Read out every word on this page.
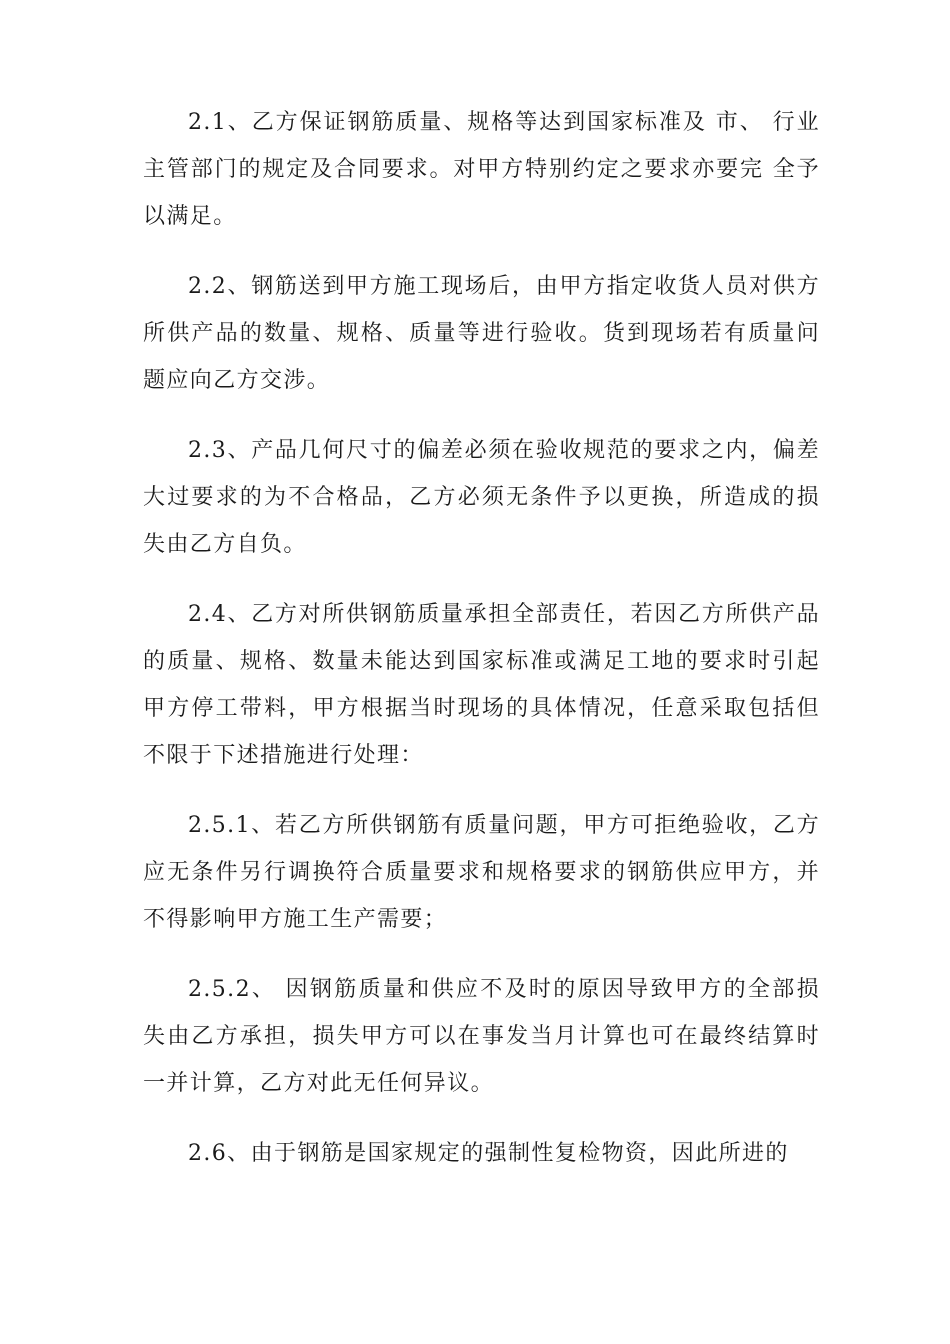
2.1、乙方保证钢筋质量、规格等达到国家标准及 市、 行业主管部门的规定及合同要求。对甲方特别约定之要求亦要完 全予以满足。

2.2、钢筋送到甲方施工现场后，由甲方指定收货人员对供方所供产品的数量、规格、质量等进行验收。货到现场若有质量问题应向乙方交涉。

2.3、产品几何尺寸的偏差必须在验收规范的要求之内，偏差大过要求的为不合格品，乙方必须无条件予以更换，所造成的损失由乙方自负。

2.4、乙方对所供钢筋质量承担全部责任，若因乙方所供产品的质量、规格、数量未能达到国家标准或满足工地的要求时引起甲方停工带料，甲方根据当时现场的具体情况，任意采取包括但不限于下述措施进行处理：

2.5.1、若乙方所供钢筋有质量问题，甲方可拒绝验收，乙方应无条件另行调换符合质量要求和规格要求的钢筋供应甲方，并不得影响甲方施工生产需要；

2.5.2、 因钢筋质量和供应不及时的原因导致甲方的全部损失由乙方承担，损失甲方可以在事发当月计算也可在最终结算时一并计算，乙方对此无任何异议。

2.6、由于钢筋是国家规定的强制性复检物资，因此所进的
